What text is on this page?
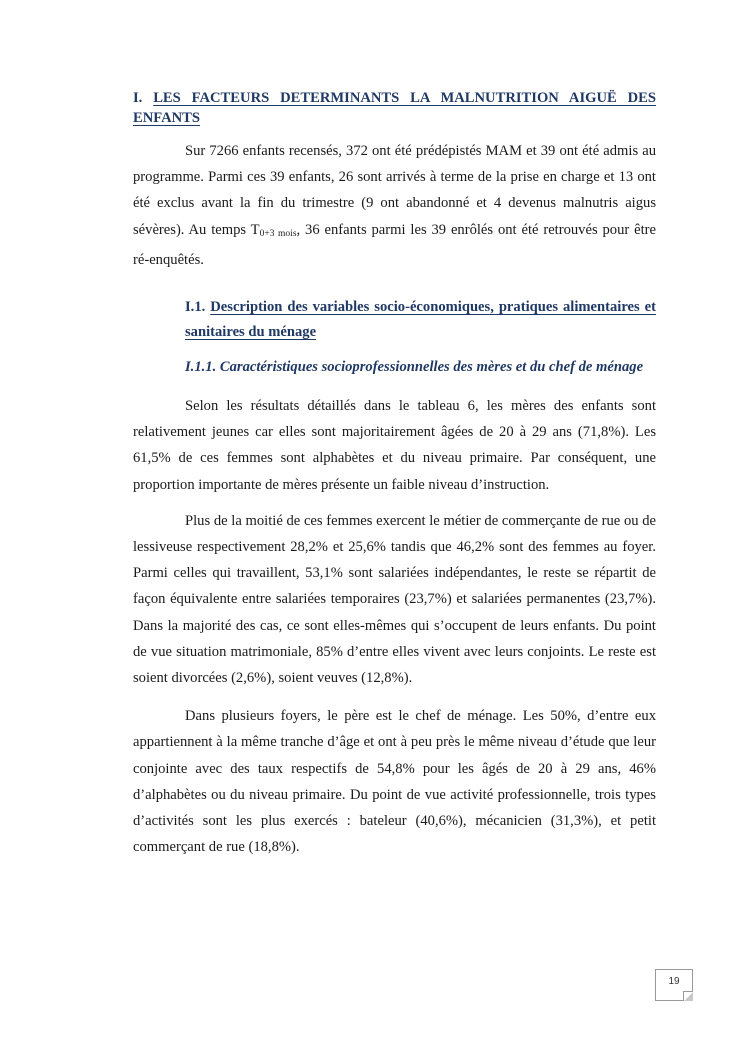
I. LES FACTEURS DETERMINANTS LA MALNUTRITION AIGUË DES ENFANTS

Sur 7266 enfants recensés, 372 ont été prédépistés MAM et 39 ont été admis au programme. Parmi ces 39 enfants, 26 sont arrivés à terme de la prise en charge et 13 ont été exclus avant la fin du trimestre (9 ont abandonné et 4 devenus malnutris aigus sévères). Au temps $T_{0+3 mois}$, 36 enfants parmi les 39 enrôlés ont été retrouvés pour être ré-enquêtés.

I.1. Description des variables socio-économiques, pratiques alimentaires et sanitaires du ménage
I.1.1. Caractéristiques socioprofessionnelles des mères et du chef de ménage

Selon les résultats détaillés dans le tableau 6, les mères des enfants sont relativement jeunes car elles sont majoritairement âgées de 20 à 29 ans (71,8%). Les 61,5% de ces femmes sont alphabètes et du niveau primaire. Par conséquent, une proportion importante de mères présente un faible niveau d’instruction.

Plus de la moitié de ces femmes exercent le métier de commerçante de rue ou de lessiveuse respectivement 28,2% et 25,6% tandis que 46,2% sont des femmes au foyer. Parmi celles qui travaillent, 53,1% sont salariées indépendantes, le reste se répartit de façon équivalente entre salariées temporaires (23,7%) et salariées permanentes (23,7%). Dans la majorité des cas, ce sont elles-mêmes qui s’occupent de leurs enfants. Du point de vue situation matrimoniale, 85% d’entre elles vivent avec leurs conjoints. Le reste est soient divorcées (2,6%), soient veuves (12,8%).

Dans plusieurs foyers, le père est le chef de ménage. Les 50%, d’entre eux appartiennent à la même tranche d’âge et ont à peu près le même niveau d’étude que leur conjointe avec des taux respectifs de 54,8% pour les âgés de 20 à 29 ans, 46% d’alphabètes ou du niveau primaire. Du point de vue activité professionnelle, trois types d’activités sont les plus exercés : bateleur (40,6%), mécanicien (31,3%), et petit commerçant de rue (18,8%).

19
